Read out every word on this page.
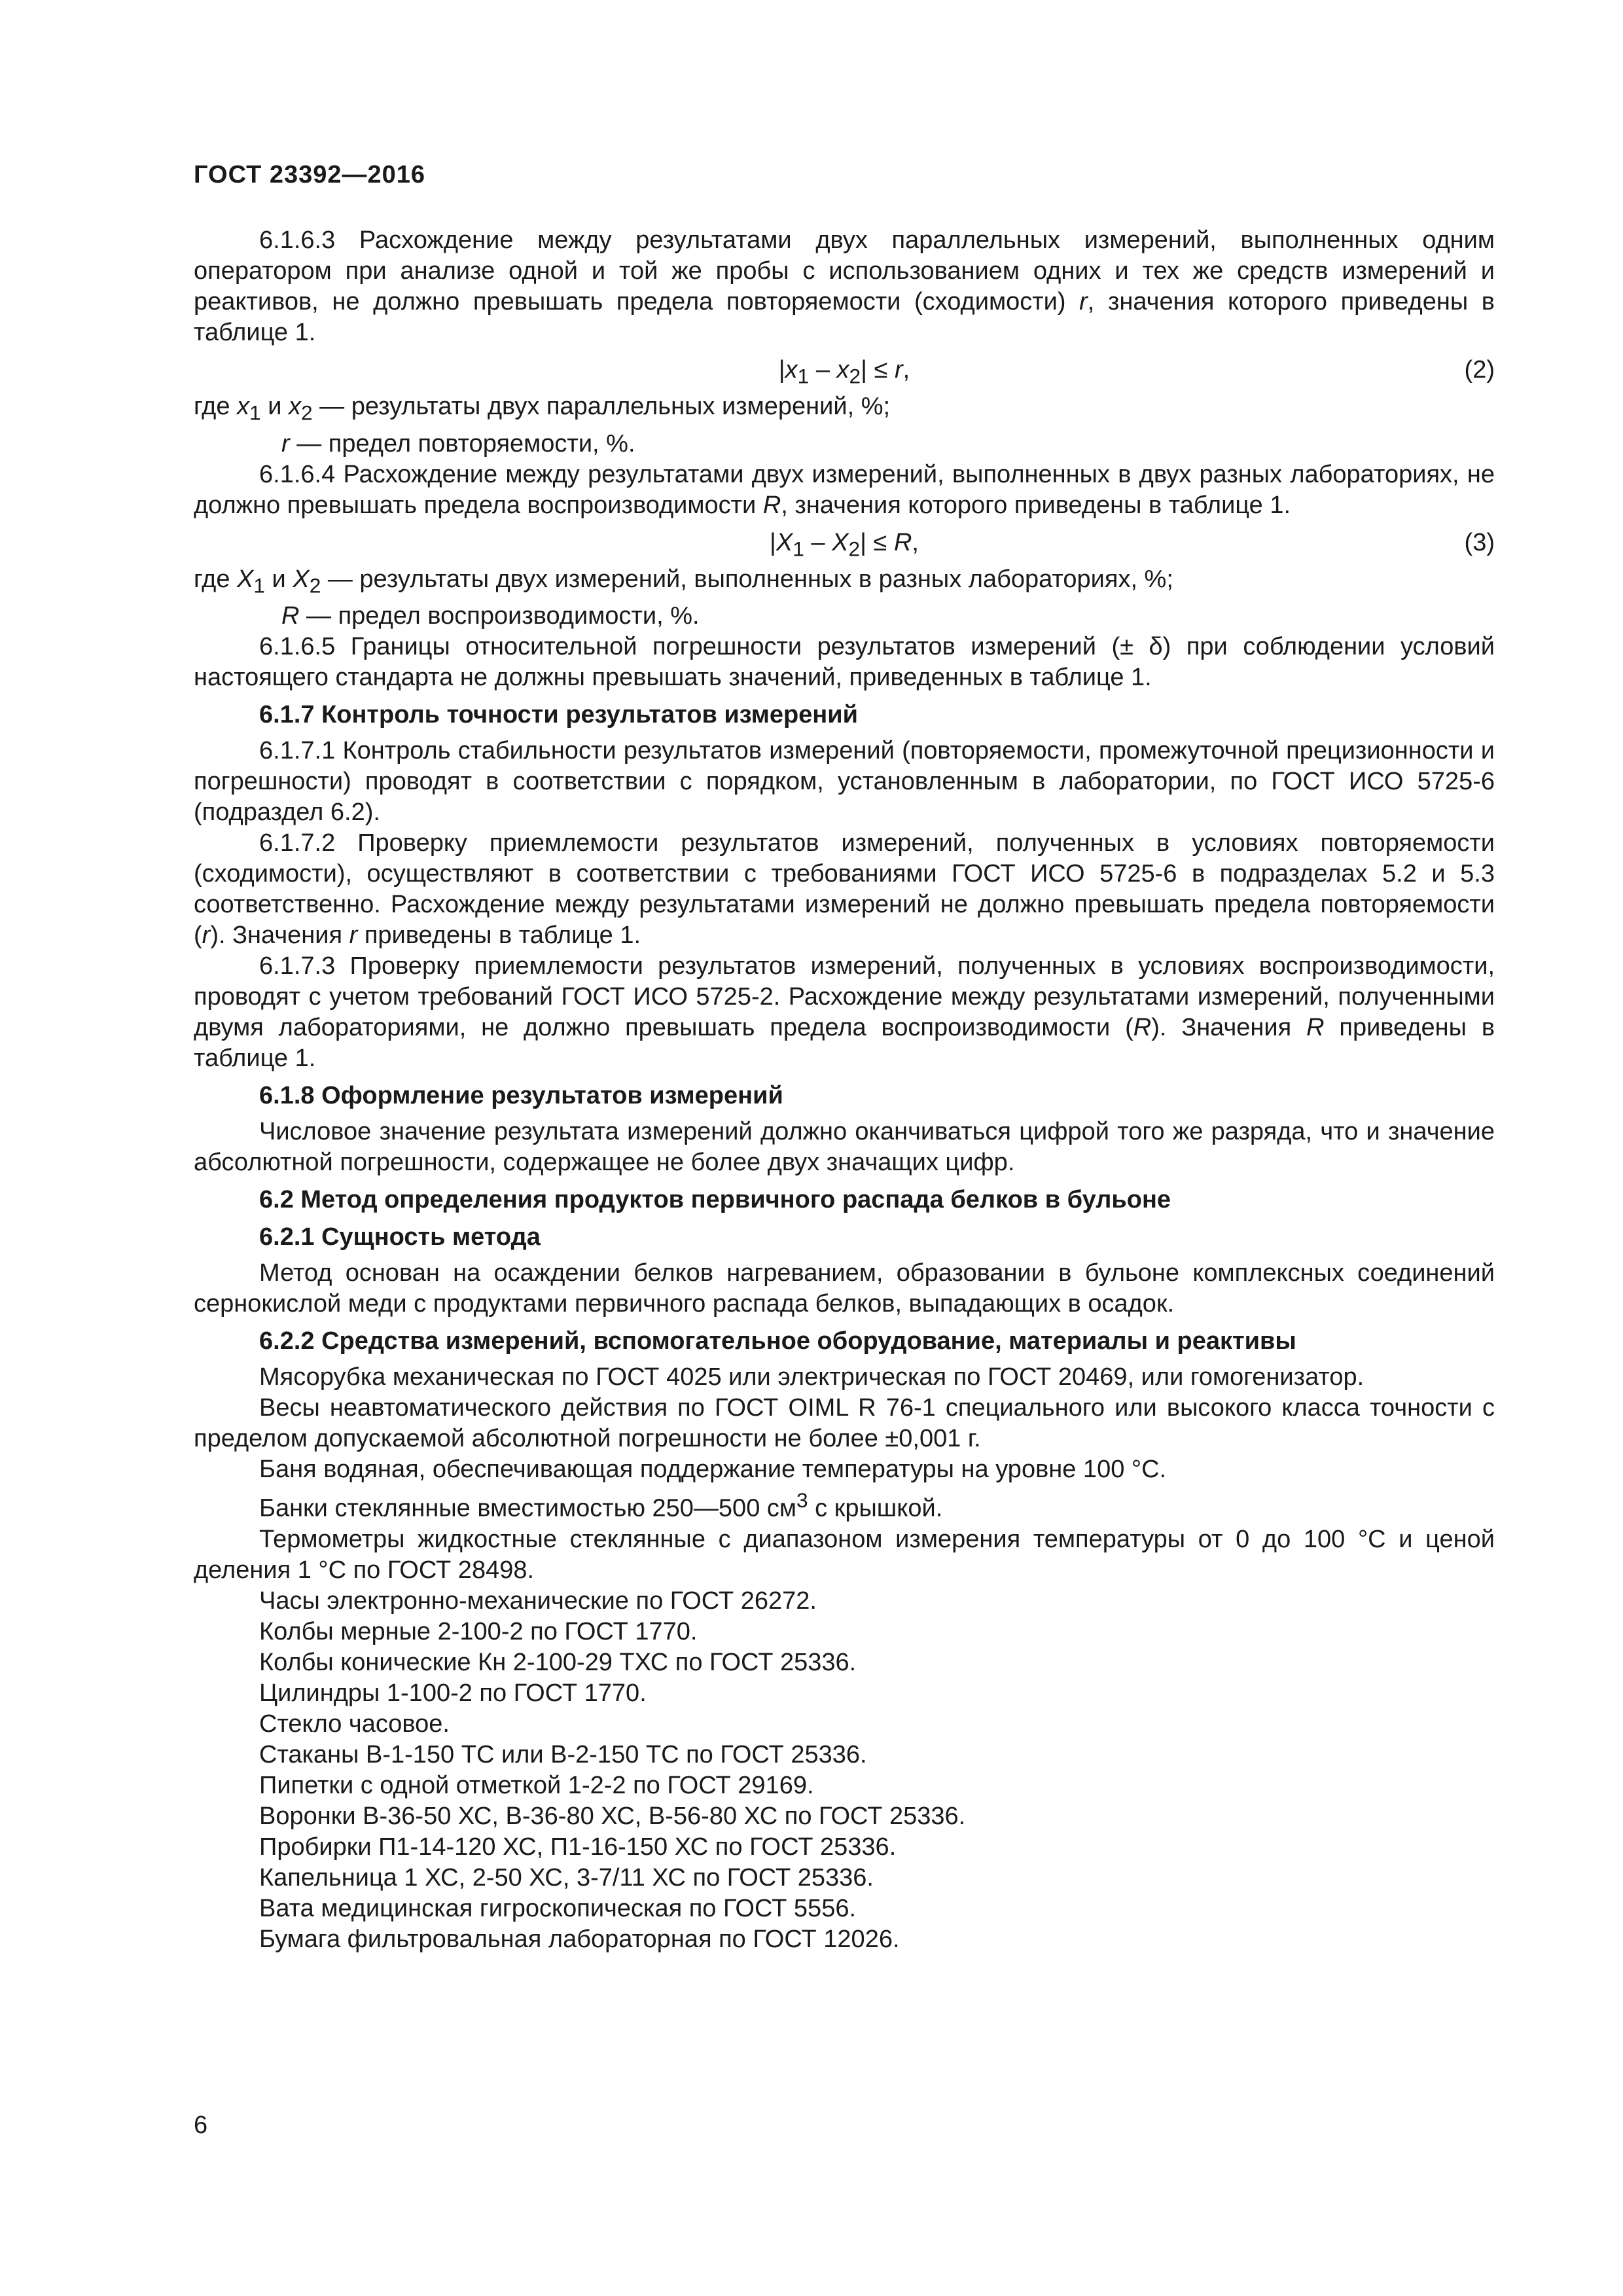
ГОСТ 23392—2016

6.1.6.3 Расхождение между результатами двух параллельных измерений, выполненных одним оператором при анализе одной и той же пробы с использованием одних и тех же средств измерений и реактивов, не должно превышать предела повторяемости (сходимости) r, значения которого приведены в таблице 1.

$|x_1 - x_2| \le r$,	(2)

где $x_1$ и $x_2$ — результаты двух параллельных измерений, %;

r — предел повторяемости, %.

6.1.6.4 Расхождение между результатами двух измерений, выполненных в двух разных лабораториях, не должно превышать предела воспроизводимости R, значения которого приведены в таблице 1.

$|X_1 - X_2| \le R$,	(3)

где $X_1$ и $X_2$ — результаты двух измерений, выполненных в разных лабораториях, %;

R — предел воспроизводимости, %.

6.1.6.5 Границы относительной погрешности результатов измерений (± δ) при соблюдении условий настоящего стандарта не должны превышать значений, приведенных в таблице 1.

6.1.7 Контроль точности результатов измерений

6.1.7.1 Контроль стабильности результатов измерений (повторяемости, промежуточной прецизионности и погрешности) проводят в соответствии с порядком, установленным в лаборатории, по ГОСТ ИСО 5725-6 (подраздел 6.2).

6.1.7.2 Проверку приемлемости результатов измерений, полученных в условиях повторяемости (сходимости), осуществляют в соответствии с требованиями ГОСТ ИСО 5725-6 в подразделах 5.2 и 5.3 соответственно. Расхождение между результатами измерений не должно превышать предела повторяемости (r). Значения r приведены в таблице 1.

6.1.7.3 Проверку приемлемости результатов измерений, полученных в условиях воспроизводимости, проводят с учетом требований ГОСТ ИСО 5725-2. Расхождение между результатами измерений, полученными двумя лабораториями, не должно превышать предела воспроизводимости (R). Значения R приведены в таблице 1.

6.1.8 Оформление результатов измерений

Числовое значение результата измерений должно оканчиваться цифрой того же разряда, что и значение абсолютной погрешности, содержащее не более двух значащих цифр.

6.2 Метод определения продуктов первичного распада белков в бульоне

6.2.1 Сущность метода

Метод основан на осаждении белков нагреванием, образовании в бульоне комплексных соединений сернокислой меди с продуктами первичного распада белков, выпадающих в осадок.

6.2.2 Средства измерений, вспомогательное оборудование, материалы и реактивы

Мясорубка механическая по ГОСТ 4025 или электрическая по ГОСТ 20469, или гомогенизатор.

Весы неавтоматического действия по ГОСТ OIML R 76-1 специального или высокого класса точности с пределом допускаемой абсолютной погрешности не более ±0,001 г.

Баня водяная, обеспечивающая поддержание температуры на уровне 100 °С.

Банки стеклянные вместимостью 250—500 $см^3$ с крышкой.

Термометры жидкостные стеклянные с диапазоном измерения температуры от 0 до 100 °С и ценой деления 1 °С по ГОСТ 28498.

Часы электронно-механические по ГОСТ 26272.

Колбы мерные 2-100-2 по ГОСТ 1770.

Колбы конические Кн 2-100-29 ТХС по ГОСТ 25336.

Цилиндры 1-100-2 по ГОСТ 1770.

Стекло часовое.

Стаканы В-1-150 ТС или В-2-150 ТС по ГОСТ 25336.

Пипетки с одной отметкой 1-2-2 по ГОСТ 29169.

Воронки В-36-50 ХС, В-36-80 ХС, В-56-80 ХС по ГОСТ 25336.

Пробирки П1-14-120 ХС, П1-16-150 ХС по ГОСТ 25336.

Капельница 1 ХС, 2-50 ХС, 3-7/11 ХС по ГОСТ 25336.

Вата медицинская гигроскопическая по ГОСТ 5556.

Бумага фильтровальная лабораторная по ГОСТ 12026.

6
